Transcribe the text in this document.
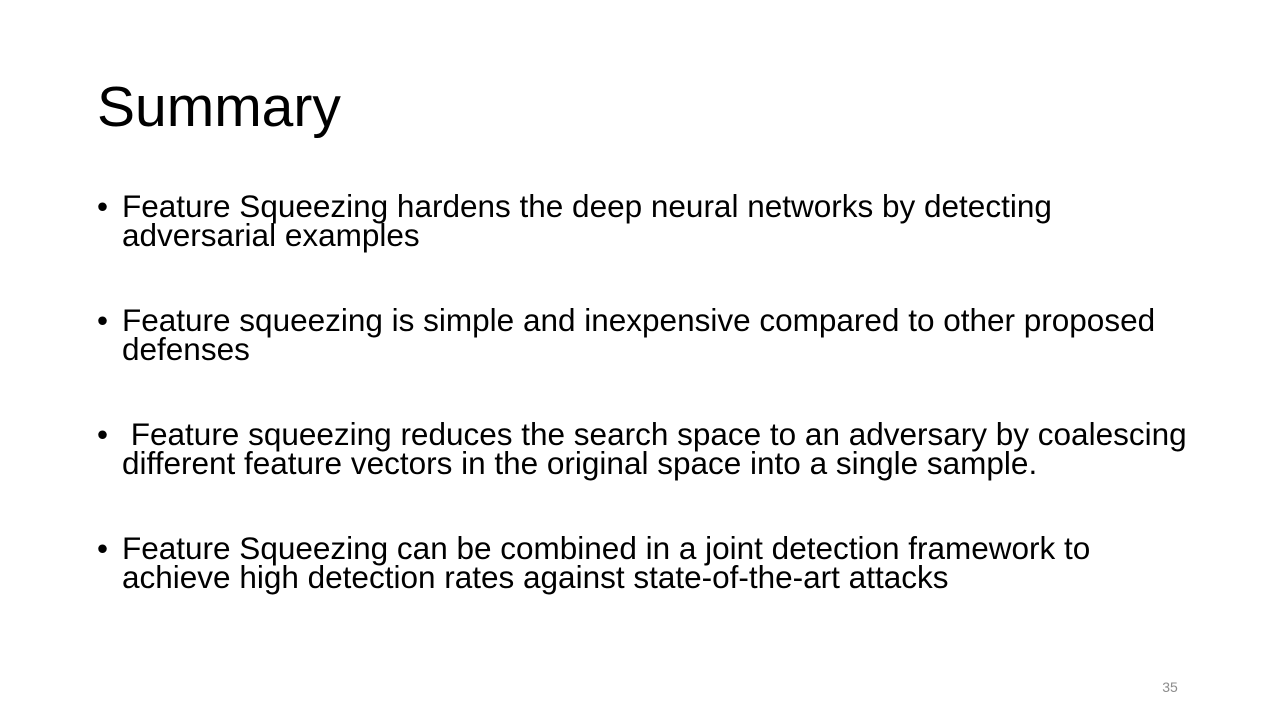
Summary
• Feature Squeezing hardens the deep neural networks by detecting adversarial examples
• Feature squeezing is simple and inexpensive compared to other proposed defenses
• Feature squeezing reduces the search space to an adversary by coalescing different feature vectors in the original space into a single sample.
• Feature Squeezing can be combined in a joint detection framework to achieve high detection rates against state-of-the-art attacks
35
